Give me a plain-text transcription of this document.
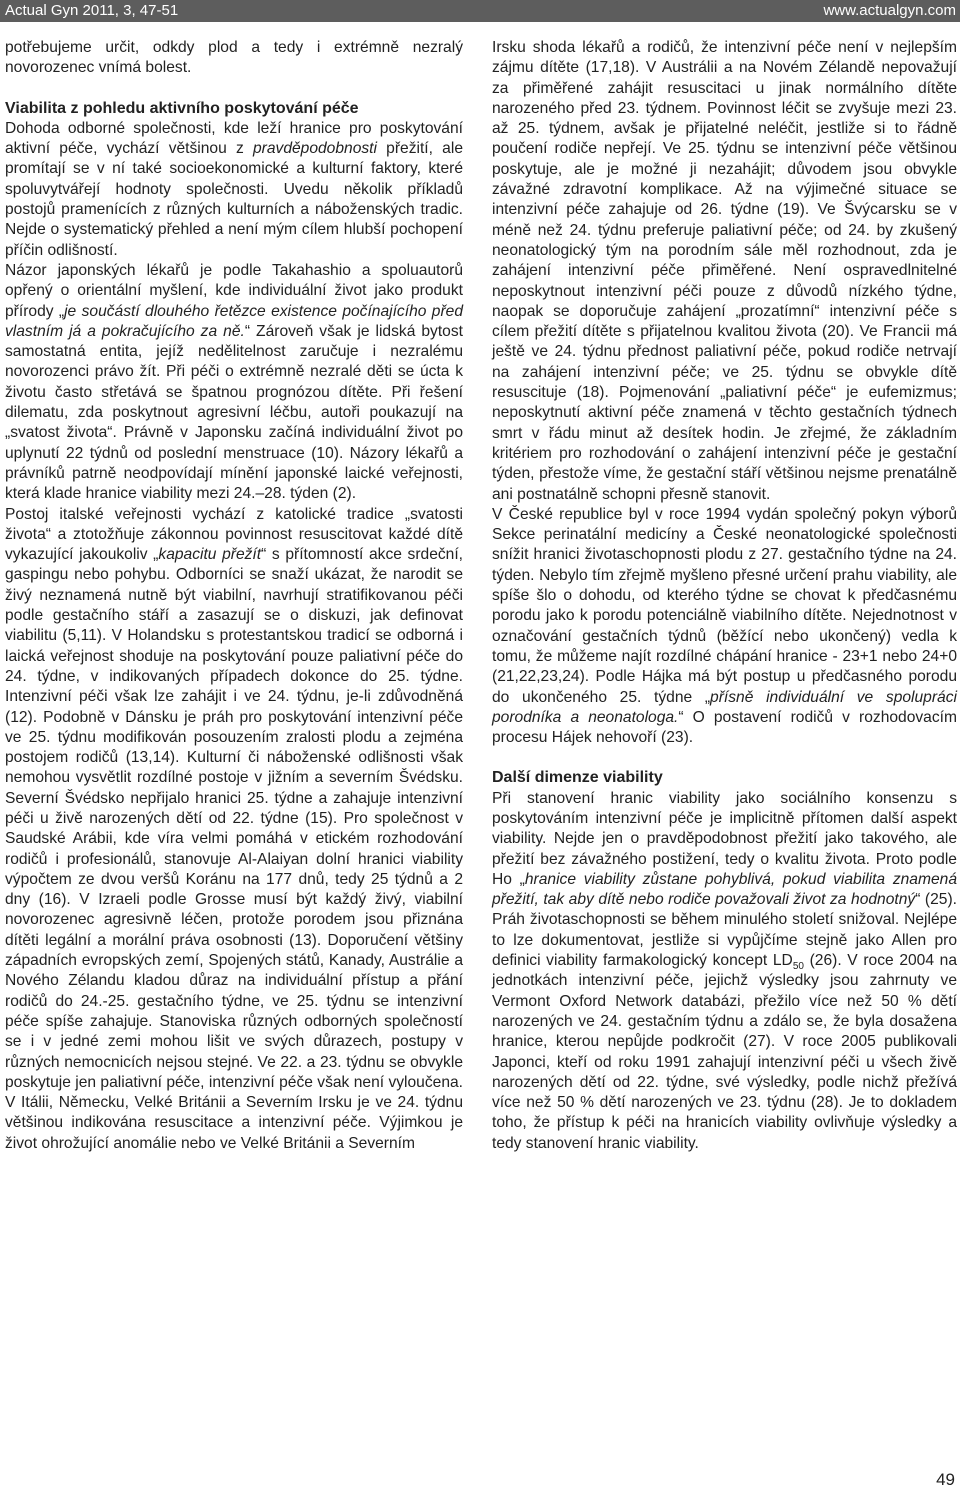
Actual Gyn 2011, 3, 47-51	www.actualgyn.com

potřebujeme určit, odkdy plod a tedy i extrémně nezralý novorozenec vnímá bolest.

Viabilita z pohledu aktivního poskytování péče

Dohoda odborné společnosti, kde leží hranice pro poskytování aktivní péče, vychází většinou z pravděpodobnosti přežití, ale promítají se v ní také socioekonomické a kulturní faktory, které spoluvytvářejí hodnoty společnosti. Uvedu několik příkladů postojů pramenících z různých kulturních a náboženských tradic. Nejde o systematický přehled a není mým cílem hlubší pochopení příčin odlišností.

Názor japonských lékařů je podle Takahashio a spoluautorů opřený o orientální myšlení, kde individuální život jako produkt přírody „je součástí dlouhého řetězce existence počínajícího před vlastním já a pokračujícího za ně.“ Zároveň však je lidská bytost samostatná entita, jejíž nedělitelnost zaručuje i nezralému novorozenci právo žít. Při péči o extrémně nezralé děti se úcta k životu často střetává se špatnou prognózou dítěte. Při řešení dilematu, zda poskytnout agresivní léčbu, autoři poukazují na „svatost života“. Právně v Japonsku začíná individuální život po uplynutí 22 týdnů od poslední menstruace (10). Názory lékařů a právníků patrně neodpovídají mínění japonské laické veřejnosti, která klade hranice viability mezi 24.–28. týden (2).

Postoj italské veřejnosti vychází z katolické tradice „svatosti života“ a ztotožňuje zákonnou povinnost resuscitovat každé dítě vykazující jakoukoliv „kapacitu přežít“ s přítomností akce srdeční, gaspingu nebo pohybu. Odborníci se snaží ukázat, že narodit se živý neznamená nutně být viabilní, navrhují stratifikovanou péči podle gestačního stáří a zasazují se o diskuzi, jak definovat viabilitu (5,11). V Holandsku s protestantskou tradicí se odborná i laická veřejnost shoduje na poskytování pouze paliativní péče do 24. týdne, v indikovaných případech dokonce do 25. týdne. Intenzivní péči však lze zahájit i ve 24. týdnu, je-li zdůvodněná (12). Podobně v Dánsku je práh pro poskytování intenzivní péče ve 25. týdnu modifikován posouzením zralosti plodu a zejména postojem rodičů (13,14). Kulturní či náboženské odlišnosti však nemohou vysvětlit rozdílné postoje v jižním a severním Švédsku. Severní Švédsko nepřijalo hranici 25. týdne a zahajuje intenzivní péči u živě narozených dětí od 22. týdne (15). Pro společnost v Saudské Arábii, kde víra velmi pomáhá v etickém rozhodování rodičů i profesionálů, stanovuje Al-Alaiyan dolní hranici viability výpočtem ze dvou veršů Koránu na 177 dnů, tedy 25 týdnů a 2 dny (16). V Izraeli podle Grosse musí být každý živý, viabilní novorozenec agresivně léčen, protože porodem jsou přiznána dítěti legální a morální práva osobnosti (13). Doporučení většiny západních evropských zemí, Spojených států, Kanady, Austrálie a Nového Zélandu kladou důraz na individuální přístup a přání rodičů do 24.-25. gestačního týdne, ve 25. týdnu se intenzivní péče spíše zahajuje. Stanoviska různých odborných společností se i v jedné zemi mohou lišit ve svých důrazech, postupy v různých nemocnicích nejsou stejné. Ve 22. a 23. týdnu se obvykle poskytuje jen paliativní péče, intenzivní péče však není vyloučena. V Itálii, Německu, Velké Británii a Severním Irsku je ve 24. týdnu většinou indikována resuscitace a intenzivní péče. Výjimkou je život ohrožující anomálie nebo ve Velké Británii a Severním

Irsku shoda lékařů a rodičů, že intenzivní péče není v nejlepším zájmu dítěte (17,18). V Austrálii a na Novém Zélandě nepovažují za přiměřené zahájit resuscitaci u jinak normálního dítěte narozeného před 23. týdnem. Povinnost léčit se zvyšuje mezi 23. až 25. týdnem, avšak je přijatelné neléčit, jestliže si to řádně poučení rodiče nepřejí. Ve 25. týdnu se intenzivní péče většinou poskytuje, ale je možné ji nezahájit; důvodem jsou obvykle závažné zdravotní komplikace. Až na výjimečné situace se intenzivní péče zahajuje od 26. týdne (19). Ve Švýcarsku se v méně než 24. týdnu preferuje paliativní péče; od 24. by zkušený neonatologický tým na porodním sále měl rozhodnout, zda je zahájení intenzivní péče přiměřené. Není ospravedlnitelné neposkytnout intenzivní péči pouze z důvodů nízkého týdne, naopak se doporučuje zahájení „prozatímní“ intenzivní péče s cílem přežití dítěte s přijatelnou kvalitou života (20). Ve Francii má ještě ve 24. týdnu přednost paliativní péče, pokud rodiče netrvají na zahájení intenzivní péče; ve 25. týdnu se obvykle dítě resuscituje (18). Pojmenování „paliativní péče“ je eufemizmus; neposkytnutí aktivní péče znamená v těchto gestačních týdnech smrt v řádu minut až desítek hodin. Je zřejmé, že základním kritériem pro rozhodování o zahájení intenzivní péče je gestační týden, přestože víme, že gestační stáří většinou nejsme prenatálně ani postnatálně schopni přesně stanovit.

V České republice byl v roce 1994 vydán společný pokyn výborů Sekce perinatální medicíny a České neonatologické společnosti snížit hranici životaschopnosti plodu z 27. gestačního týdne na 24. týden. Nebylo tím zřejmě myšleno přesné určení prahu viability, ale spíše šlo o dohodu, od kterého týdne se chovat k předčasnému porodu jako k porodu potenciálně viabilního dítěte. Nejednotnost v označování gestačních týdnů (běžící nebo ukončený) vedla k tomu, že můžeme najít rozdílné chápání hranice - 23+1 nebo 24+0 (21,22,23,24). Podle Hájka má být postup u předčasného porodu do ukončeného 25. týdne „přísně individuální ve spolupráci porodníka a neonatologa.“ O postavení rodičů v rozhodovacím procesu Hájek nehovoří (23).

Další dimenze viability

Při stanovení hranic viability jako sociálního konsenzu s poskytováním intenzivní péče je implicitně přítomen další aspekt viability. Nejde jen o pravděpodobnost přežití jako takového, ale přežití bez závažného postižení, tedy o kvalitu života. Proto podle Ho „hranice viability zůstane pohyblivá, pokud viabilita znamená přežití, tak aby dítě nebo rodiče považovali život za hodnotný“ (25). Práh životaschopnosti se během minulého století snižoval. Nejlépe to lze dokumentovat, jestliže si vypůjčíme stejně jako Allen pro definici viability farmakologický koncept $LD_{50}$ (26). V roce 2004 na jednotkách intenzivní péče, jejichž výsledky jsou zahrnuty ve Vermont Oxford Network databázi, přežilo více než 50 % dětí narozených ve 24. gestačním týdnu a zdálo se, že byla dosažena hranice, kterou nepůjde podkročit (27). V roce 2005 publikovali Japonci, kteří od roku 1991 zahajují intenzivní péči u všech živě narozených dětí od 22. týdne, své výsledky, podle nichž přežívá více než 50 % dětí narozených ve 23. týdnu (28). Je to dokladem toho, že přístup k péči na hranicích viability ovlivňuje výsledky a tedy stanovení hranic viability.

49
